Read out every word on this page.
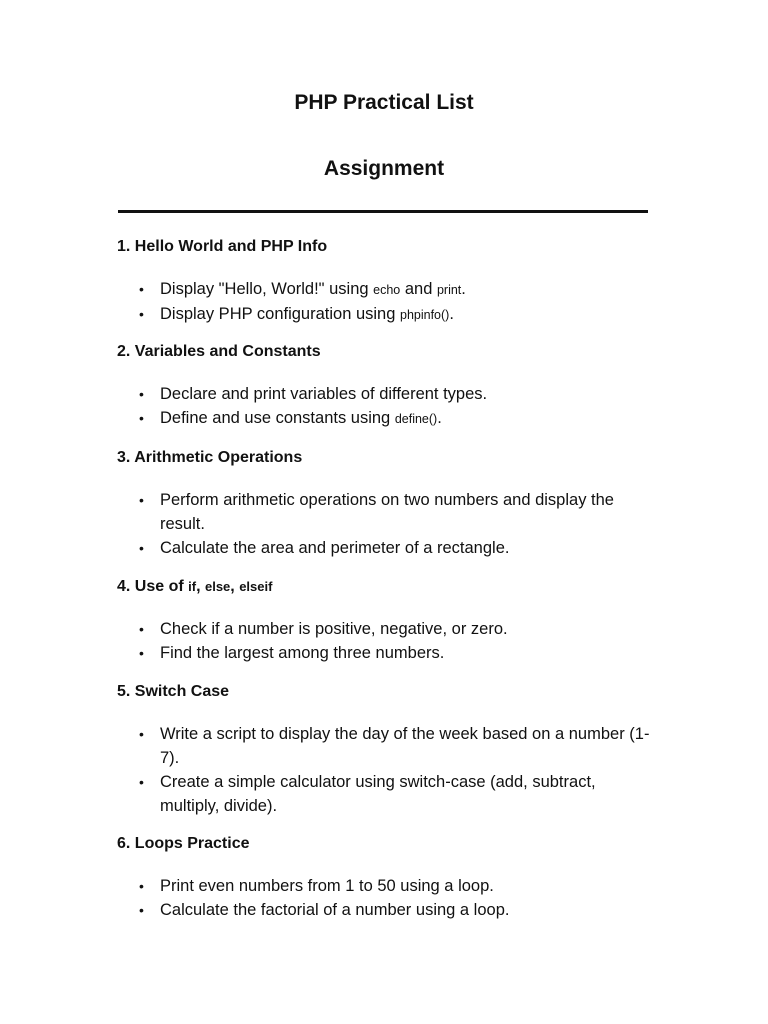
PHP Practical List
Assignment
1. Hello World and PHP Info
• Display "Hello, World!" using echo and print.
• Display PHP configuration using phpinfo().
2. Variables and Constants
• Declare and print variables of different types.
• Define and use constants using define().
3. Arithmetic Operations
• Perform arithmetic operations on two numbers and display the result.
• Calculate the area and perimeter of a rectangle.
4. Use of if, else, elseif
• Check if a number is positive, negative, or zero.
• Find the largest among three numbers.
5. Switch Case
• Write a script to display the day of the week based on a number (1-7).
• Create a simple calculator using switch-case (add, subtract, multiply, divide).
6. Loops Practice
• Print even numbers from 1 to 50 using a loop.
• Calculate the factorial of a number using a loop.
